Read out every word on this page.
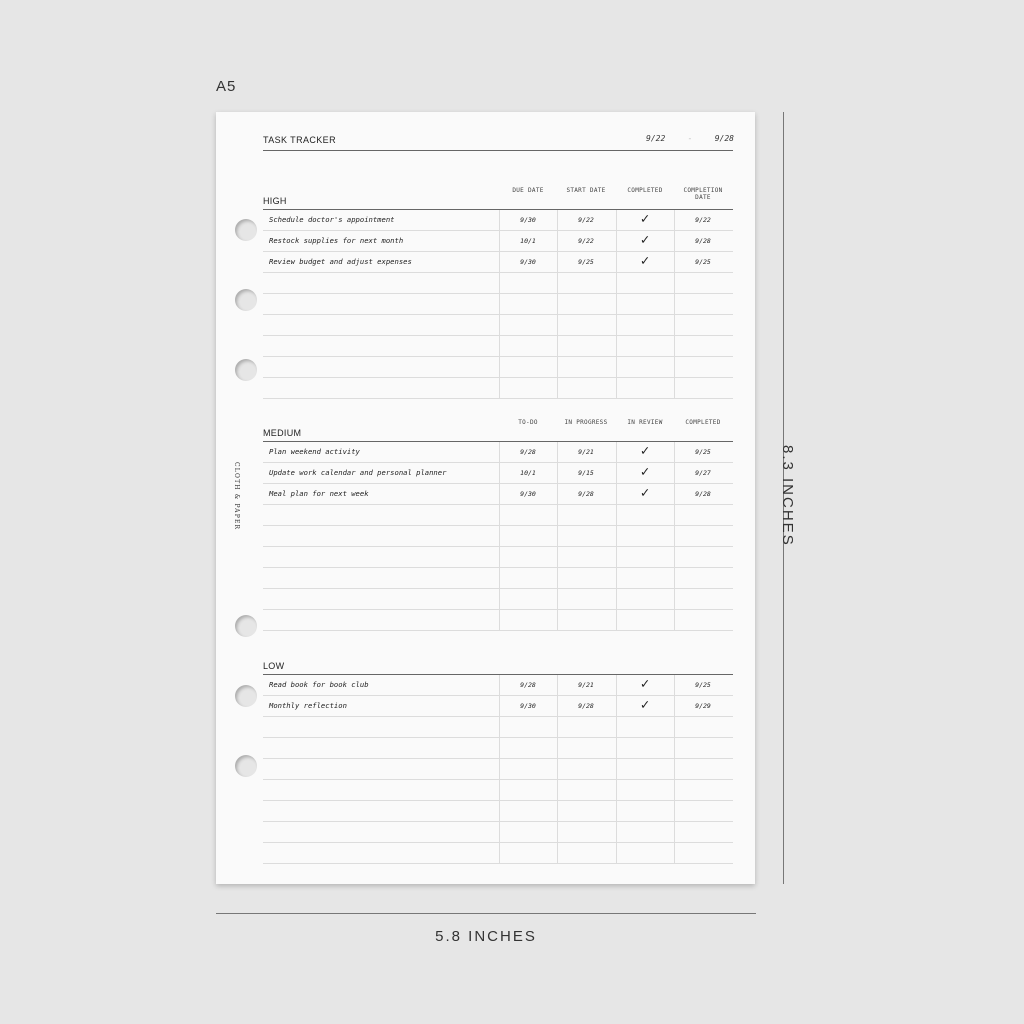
A5
CLOTH & PAPER
TASK TRACKER	9/22	-	9/28
HIGH
DUE DATE	START DATE	COMPLETED	COMPLETION DATE
Schedule doctor's appointment	9/30	9/22	✓	9/22
Restock supplies for next month	10/1	9/22	✓	9/28
Review budget and adjust expenses	9/30	9/25	✓	9/25
MEDIUM
TO-DO	IN PROGRESS	IN REVIEW	COMPLETED
Plan weekend activity	9/28	9/21	✓	9/25
Update work calendar and personal planner	10/1	9/15	✓	9/27
Meal plan for next week	9/30	9/28	✓	9/28
LOW
Read book for book club	9/28	9/21	✓	9/25
Monthly reflection	9/30	9/28	✓	9/29
8.3 INCHES
5.8 INCHES
